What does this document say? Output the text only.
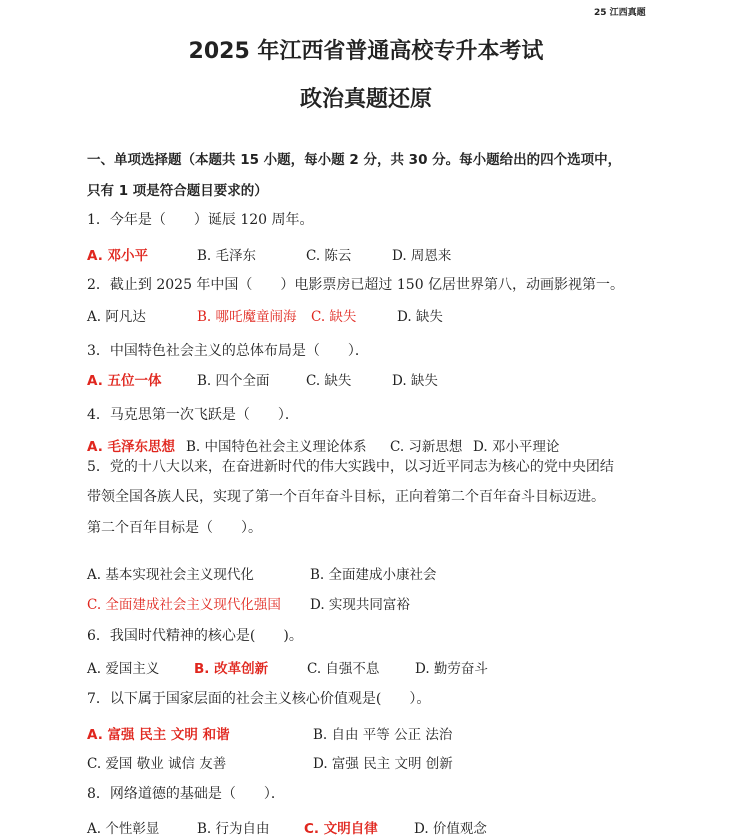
25 江西真题
2025 年江西省普通高校专升本考试
政治真题还原
一、单项选择题（本题共 15 小题，每小题 2 分，共 30 分。每小题给出的四个选项中，
只有 1 项是符合题目要求的）
1．今年是（　　）诞辰 120 周年。
A. 邓小平	B. 毛泽东	C. 陈云	D. 周恩来
2．截止到 2025 年中国（　　）电影票房已超过 150 亿居世界第八，动画影视第一。
A. 阿凡达	B. 哪吒魔童闹海 C. 缺失	D. 缺失
3．中国特色社会主义的总体布局是（　　）．
A. 五位一体	B. 四个全面	C. 缺失	D. 缺失
4．马克思第一次飞跃是（　　）．
A. 毛泽东思想 B. 中国特色社会主义理论体系 C. 习新思想 D. 邓小平理论
5．党的十八大以来，在奋进新时代的伟大实践中，以习近平同志为核心的党中央团结
带领全国各族人民，实现了第一个百年奋斗目标，正向着第二个百年奋斗目标迈进。
第二个百年目标是（　　）。
A. 基本实现社会主义现代化	B. 全面建成小康社会
C. 全面建成社会主义现代化强国 D. 实现共同富裕
6．我国时代精神的核心是(　　)。
A. 爱国主义	B. 改革创新	C. 自强不息	D. 勤劳奋斗
7．以下属于国家层面的社会主义核心价值观是(　　）。
A. 富强 民主 文明 和谐	B. 自由 平等 公正 法治
C. 爱国 敬业 诚信 友善	D. 富强 民主 文明 创新
8．网络道德的基础是（　　）．
A. 个性彰显	B. 行为自由	C. 文明自律	D. 价值观念
